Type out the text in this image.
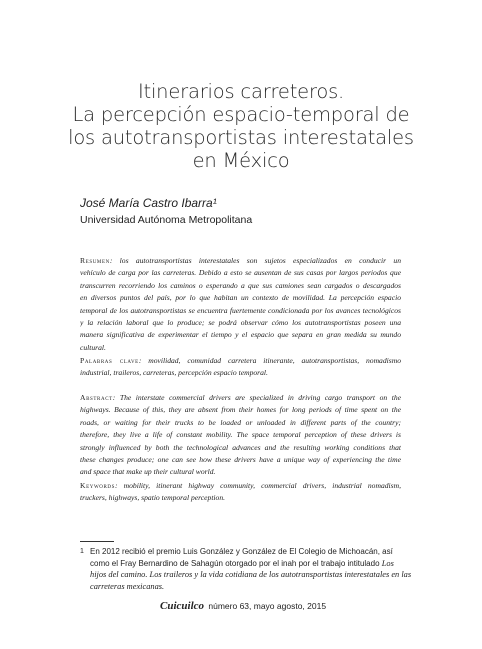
Itinerarios carreteros.
La percepción espacio-temporal de
los autotransportistas interestatales
en México
José María Castro Ibarra¹
Universidad Autónoma Metropolitana
Resumen: los autotransportistas interestatales son sujetos especializados en conducir un
vehículo de carga por las carreteras. Debido a esto se ausentan de sus casas por largos periodos que
transcurren recorriendo los caminos o esperando a que sus camiones sean cargados o descargados
en diversos puntos del país, por lo que habitan un contexto de movilidad. La percepción espacio
temporal de los autotransportistas se encuentra fuertemente condicionada por los avances tecnológicos
y la relación laboral que lo produce; se podrá observar cómo los autotransportistas poseen una
manera significativa de experimentar el tiempo y el espacio que separa en gran medida su mundo
cultural.
Palabras clave: movilidad, comunidad carretera itinerante, autotransportistas, nomadismo
industrial, traileros, carreteras, percepción espacio temporal.
Abstract: The interstate commercial drivers are specialized in driving cargo transport on the
highways. Because of this, they are absent from their homes for long periods of time spent on the
roads, or waiting for their trucks to be loaded or unloaded in different parts of the country;
therefore, they live a life of constant mobility. The space temporal perception of these drivers is
strongly influenced by both the technological advances and the resulting working conditions that
these changes produce; one can see how these drivers have a unique way of experiencing the time
and space that make up their cultural world.
Keywords: mobility, itinerant highway community, commercial drivers, industrial nomadism,
truckers, highways, spatio temporal perception.
1 En 2012 recibió el premio Luis González y González de El Colegio de Michoacán, así
como el Fray Bernardino de Sahagún otorgado por el inah por el trabajo intitulado Los
hijos del camino. Los traileros y la vida cotidiana de los autotransportistas interestatales en las
carreteras mexicanas.
Cuicuilco número 63, mayo agosto, 2015
